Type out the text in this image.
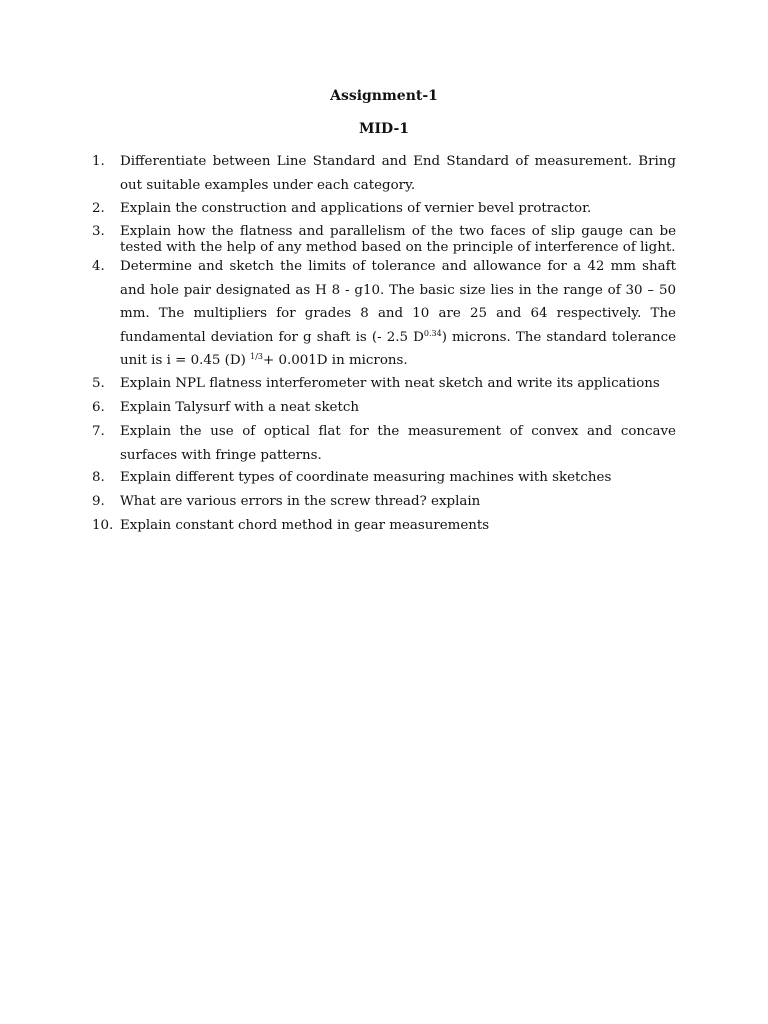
Assignment-1
MID-1
1.	Differentiate between Line Standard and End Standard of measurement. Bring out suitable examples under each category.
2.	Explain the construction and applications of vernier bevel protractor.
3.	Explain how the flatness and parallelism of the two faces of slip gauge can be tested with the help of any method based on the principle of interference of light.
4.	Determine and sketch the limits of tolerance and allowance for a 42 mm shaft and hole pair designated as H 8 - g10. The basic size lies in the range of 30 – 50 mm. The multipliers for grades 8 and 10 are 25 and 64 respectively. The fundamental deviation for g shaft is (- 2.5 $D^{0.34}$) microns. The standard tolerance unit is i = 0.45 (D) $^{1/3}$+ 0.001D in microns.
5.	Explain NPL flatness interferometer with neat sketch and write its applications
6.	Explain Talysurf with a neat sketch
7.	Explain the use of optical flat for the measurement of convex and concave surfaces with fringe patterns.
8.	Explain different types of coordinate measuring machines with sketches
9.	What are various errors in the screw thread? explain
10. Explain constant chord method in gear measurements
